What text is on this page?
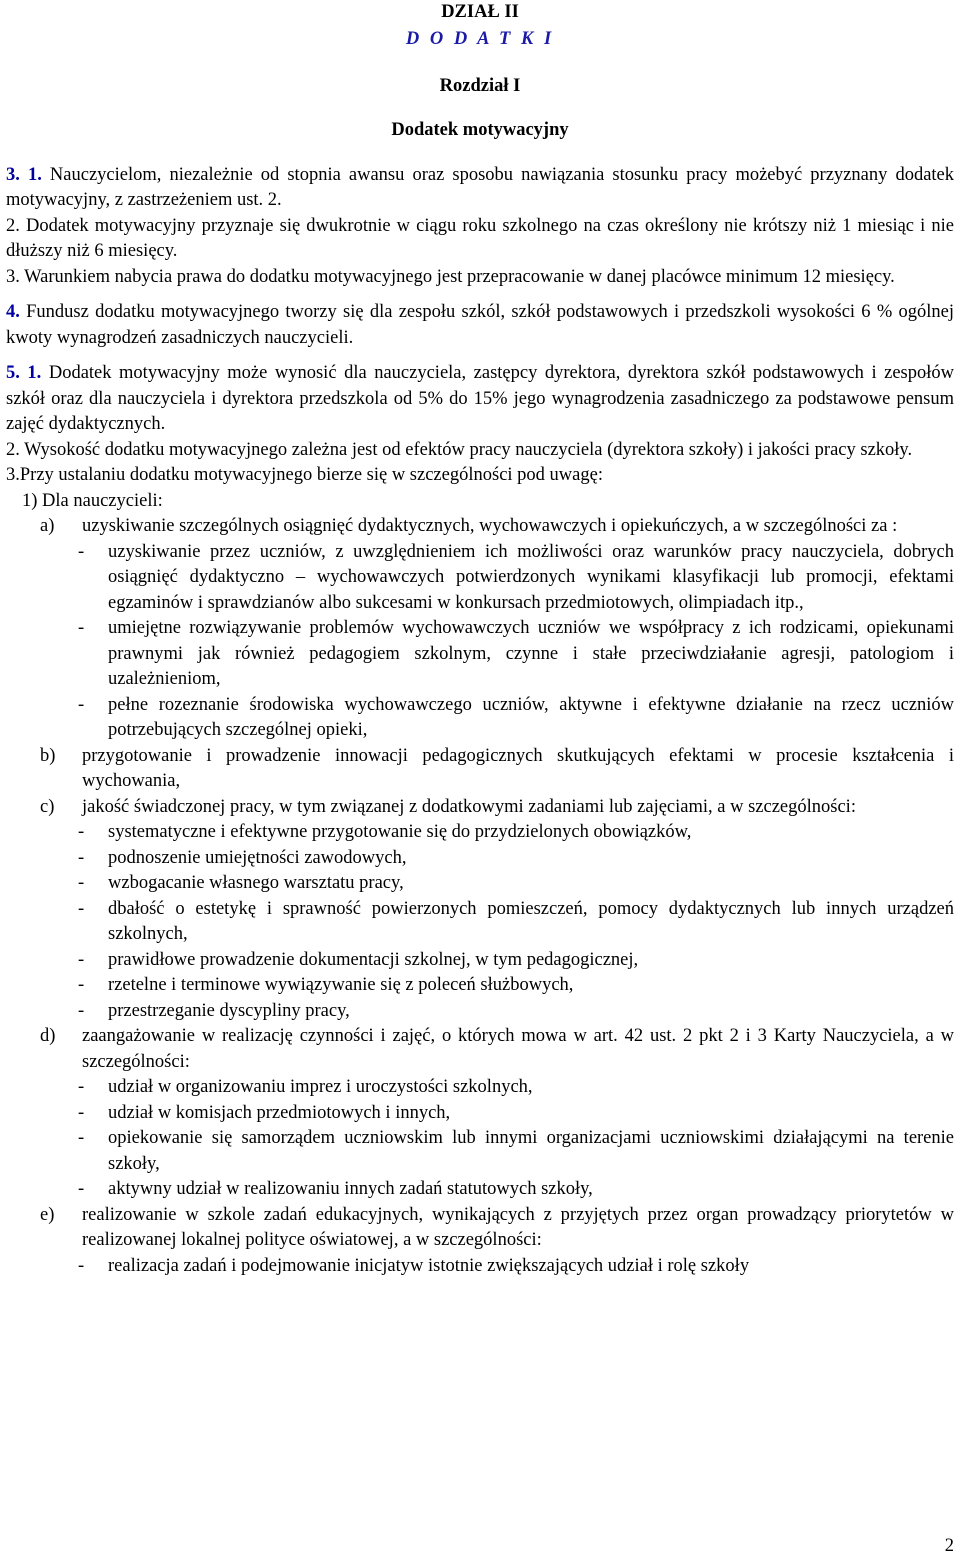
DZIAŁ II
D O D A T K I
Rozdział I
Dodatek motywacyjny

3. 1. Nauczycielom, niezależnie od stopnia awansu oraz sposobu nawiązania stosunku pracy możebyć przyznany dodatek motywacyjny, z zastrzeżeniem ust. 2.

2. Dodatek motywacyjny przyznaje się dwukrotnie w ciągu roku szkolnego na czas określony nie krótszy niż 1 miesiąc i nie dłuższy niż 6 miesięcy.

3. Warunkiem nabycia prawa do dodatku motywacyjnego jest przepracowanie w danej placówce minimum 12 miesięcy.

4. Fundusz dodatku motywacyjnego tworzy się dla zespołu szkól, szkół podstawowych i przedszkoli wysokości 6 % ogólnej kwoty wynagrodzeń zasadniczych nauczycieli.

5. 1. Dodatek motywacyjny może wynosić dla nauczyciela, zastępcy dyrektora, dyrektora szkół podstawowych i zespołów szkół oraz dla nauczyciela i dyrektora przedszkola od 5% do 15% jego wynagrodzenia zasadniczego za podstawowe pensum zajęć dydaktycznych.

2. Wysokość dodatku motywacyjnego zależna jest od efektów pracy nauczyciela (dyrektora szkoły) i jakości pracy szkoły.

3.Przy ustalaniu dodatku motywacyjnego bierze się w szczególności pod uwagę:

1) Dla nauczycieli:

a)	uzyskiwanie szczególnych osiągnięć dydaktycznych, wychowawczych i opiekuńczych, a w szczególności za :
-	uzyskiwanie przez uczniów, z uwzględnieniem ich możliwości oraz warunków pracy nauczyciela, dobrych osiągnięć dydaktyczno – wychowawczych potwierdzonych wynikami klasyfikacji lub promocji, efektami egzaminów i sprawdzianów albo sukcesami w konkursach przedmiotowych, olimpiadach itp.,
-	umiejętne rozwiązywanie problemów wychowawczych uczniów we współpracy z ich rodzicami, opiekunami prawnymi jak również pedagogiem szkolnym, czynne i stałe przeciwdziałanie agresji, patologiom i uzależnieniom,
-	pełne rozeznanie środowiska wychowawczego uczniów, aktywne i efektywne działanie na rzecz uczniów potrzebujących szczególnej opieki,
b)	przygotowanie i prowadzenie innowacji pedagogicznych skutkujących efektami w procesie kształcenia i wychowania,
c)	jakość świadczonej pracy, w tym związanej z dodatkowymi zadaniami lub zajęciami, a w szczególności:
-	systematyczne i efektywne przygotowanie się do przydzielonych obowiązków,
-	podnoszenie umiejętności zawodowych,
-	wzbogacanie własnego warsztatu pracy,
-	dbałość o estetykę i sprawność powierzonych pomieszczeń, pomocy dydaktycznych lub innych urządzeń szkolnych,
-	prawidłowe prowadzenie dokumentacji szkolnej, w tym pedagogicznej,
-	rzetelne i terminowe wywiązywanie się z poleceń służbowych,
-	przestrzeganie dyscypliny pracy,
d)	zaangażowanie w realizację czynności i zajęć, o których mowa w art. 42 ust. 2 pkt 2 i 3 Karty Nauczyciela, a w szczególności:
-	udział w organizowaniu imprez i uroczystości szkolnych,
-	udział w komisjach przedmiotowych i innych,
-	opiekowanie się samorządem uczniowskim lub innymi organizacjami uczniowskimi działającymi na terenie szkoły,
-	aktywny udział w realizowaniu innych zadań statutowych szkoły,
e)	realizowanie w szkole zadań edukacyjnych, wynikających z przyjętych przez organ prowadzący priorytetów w realizowanej lokalnej polityce oświatowej, a w szczególności:
-	realizacja zadań i podejmowanie inicjatyw istotnie zwiększających udział i rolę szkoły
2
